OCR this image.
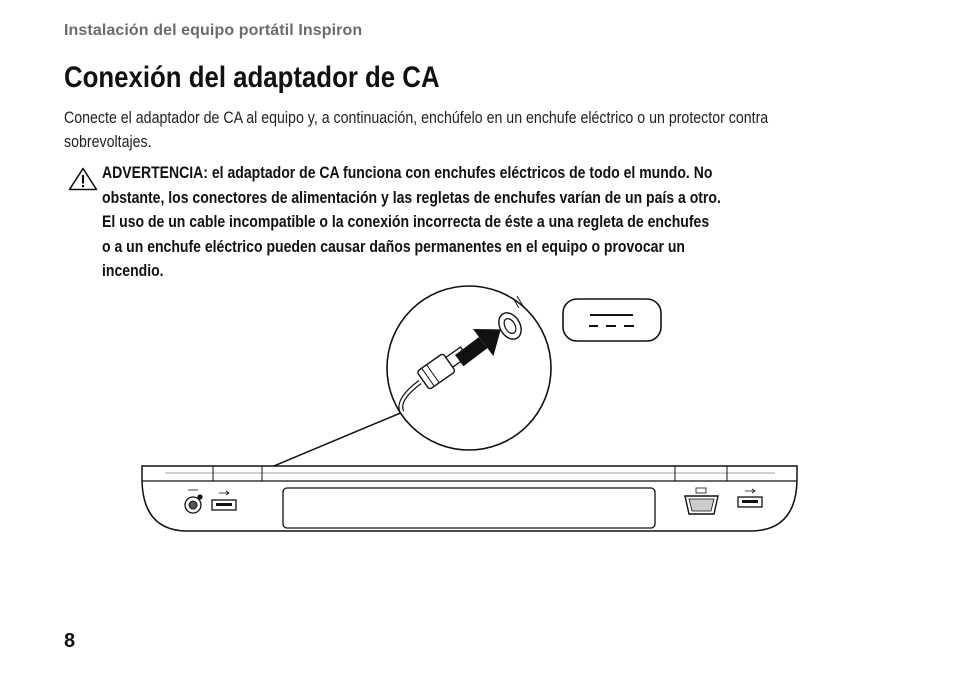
Instalación del equipo portátil Inspiron
Conexión del adaptador de CA

Conecte el adaptador de CA al equipo y, a continuación, enchúfelo en un enchufe eléctrico o un protector contra sobrevoltajes.

ADVERTENCIA: el adaptador de CA funciona con enchufes eléctricos de todo el mundo. No
obstante, los conectores de alimentación y las regletas de enchufes varían de un país a otro.
El uso de un cable incompatible o la conexión incorrecta de éste a una regleta de enchufes
o a un enchufe eléctrico pueden causar daños permanentes en el equipo o provocar un
incendio.

8
